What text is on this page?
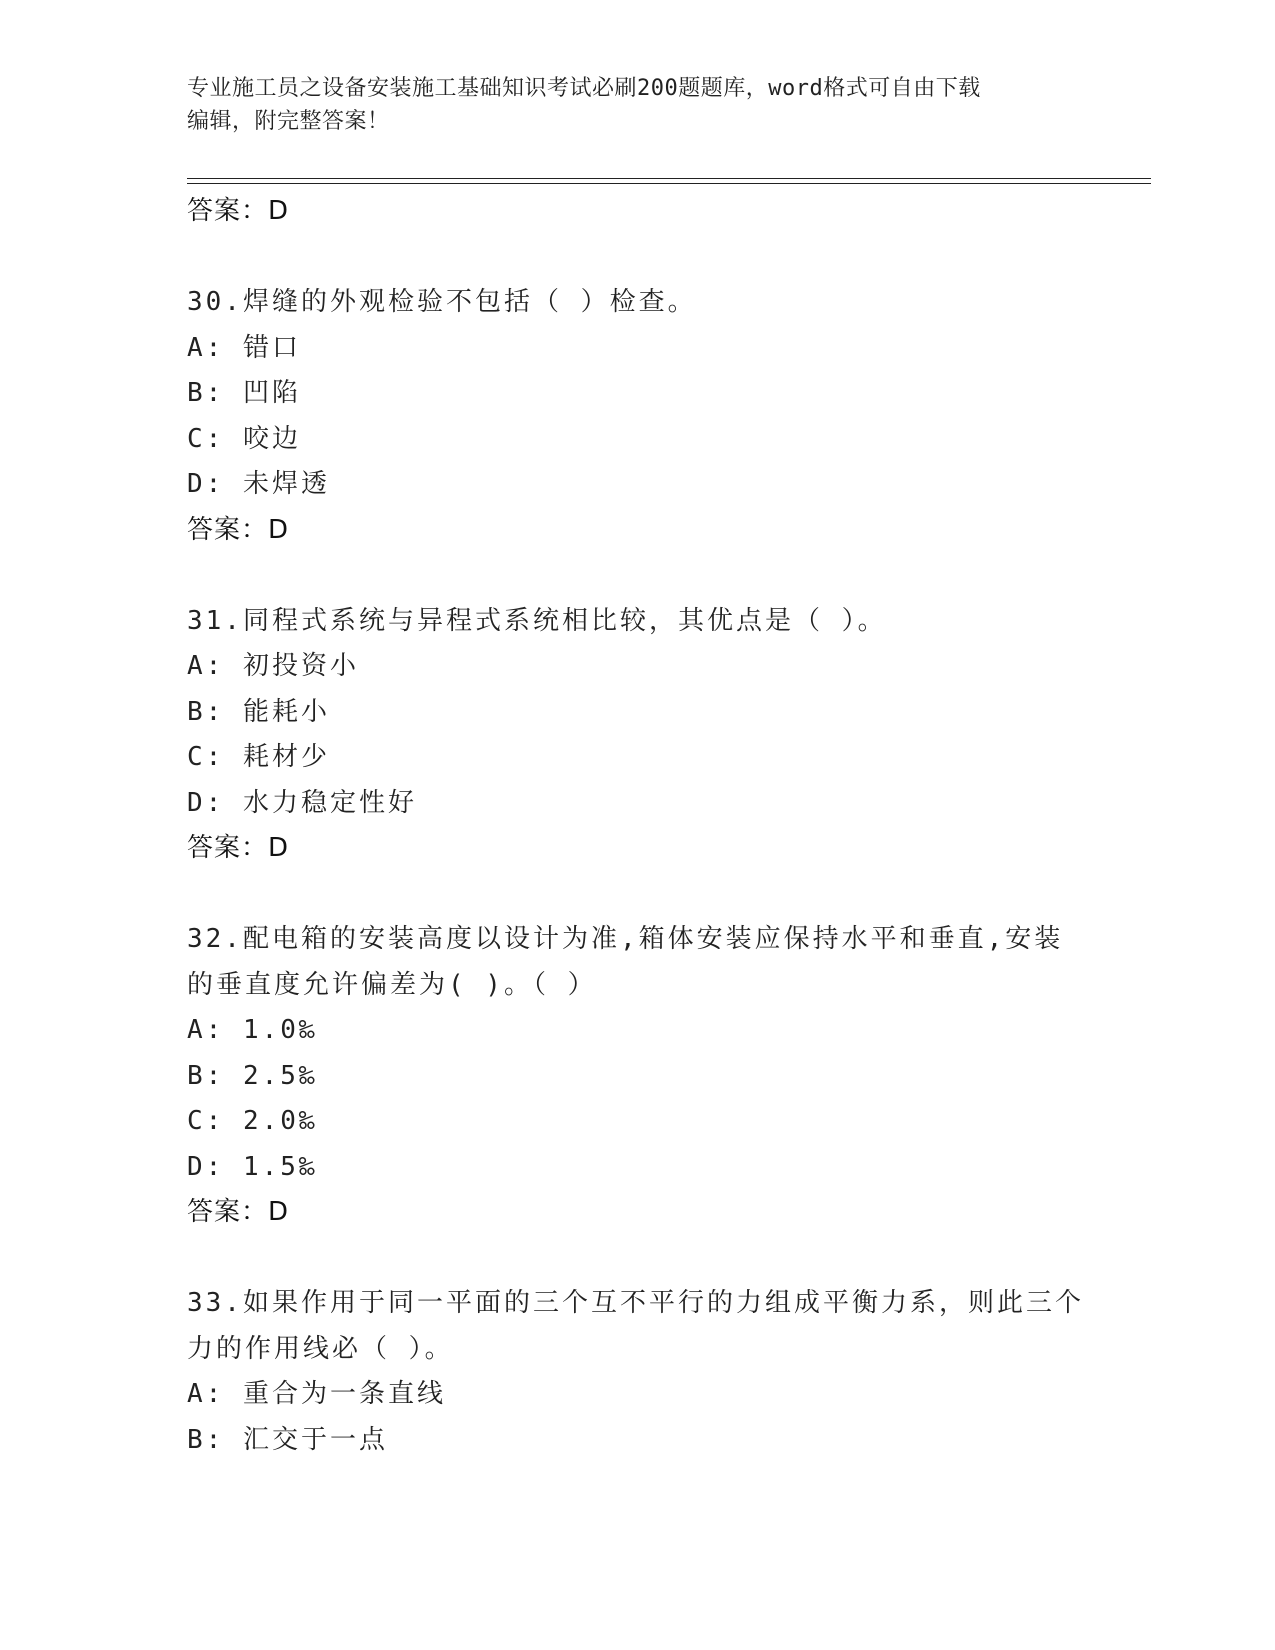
专业施工员之设备安装施工基础知识考试必刷200题题库，word格式可自由下载
编辑，附完整答案！
答案：D
30.焊缝的外观检验不包括（ ）检查。
A: 错口
B: 凹陷
C: 咬边
D: 未焊透
答案：D
31.同程式系统与异程式系统相比较，其优点是（ ）。
A: 初投资小
B: 能耗小
C: 耗材少
D: 水力稳定性好
答案：D
32.配电箱的安装高度以设计为准,箱体安装应保持水平和垂直,安装的垂直度允许偏差为( )。（ ）
A: 1.0‰
B: 2.5‰
C: 2.0‰
D: 1.5‰
答案：D
33.如果作用于同一平面的三个互不平行的力组成平衡力系，则此三个力的作用线必（ ）。
A: 重合为一条直线
B: 汇交于一点
